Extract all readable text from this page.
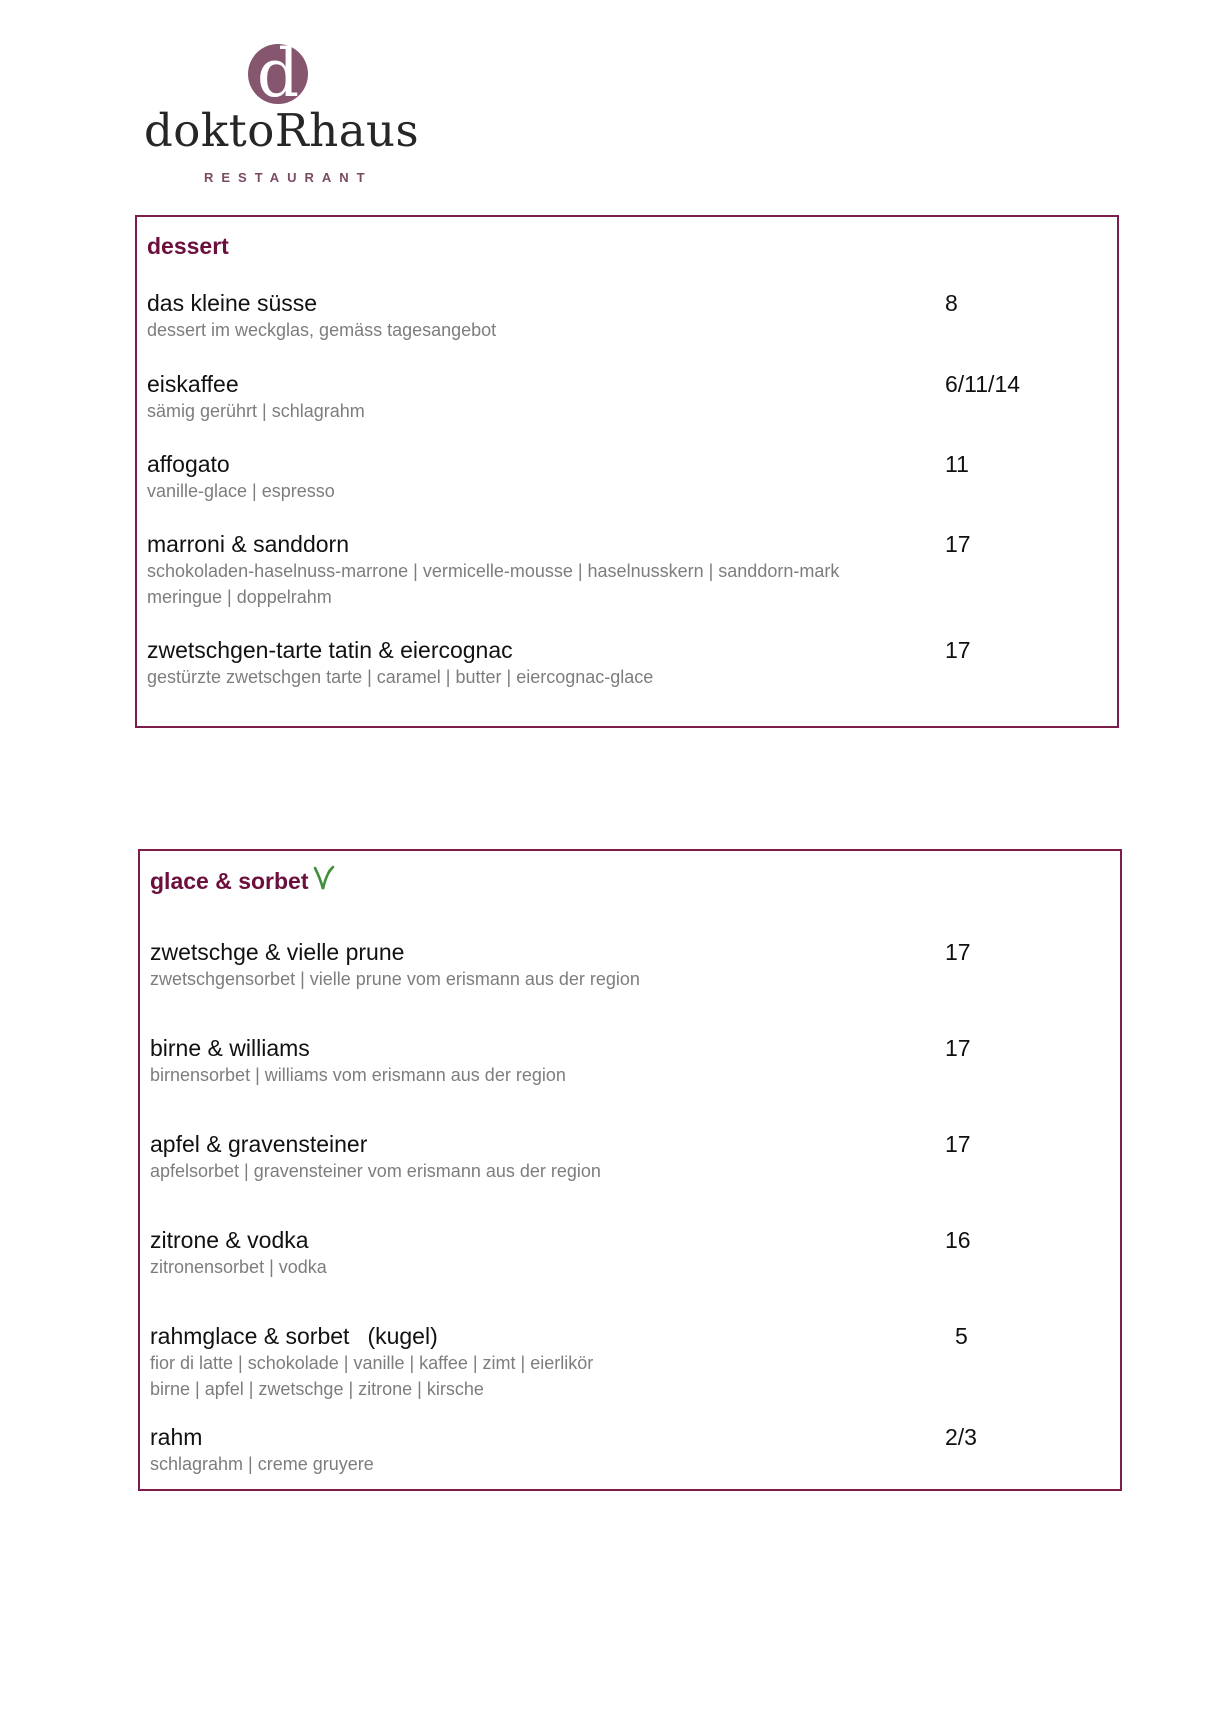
d
doktoRhaus
RESTAURANT
dessert
das kleine süsse
dessert im weckglas, gemäss tagesangebot
8
eiskaffee
sämig gerührt | schlagrahm
6/11/14
affogato
vanille-glace | espresso
11
marroni & sanddorn
schokoladen-haselnuss-marrone | vermicelle-mousse | haselnusskern | sanddorn-mark
meringue | doppelrahm
17
zwetschgen-tarte tatin & eiercognac
gestürzte zwetschgen tarte | caramel | butter | eiercognac-glace
17
glace & sorbet
zwetschge & vielle prune
zwetschgensorbet | vielle prune vom erismann aus der region
17
birne & williams
birnensorbet | williams vom erismann aus der region
17
apfel & gravensteiner
apfelsorbet | gravensteiner vom erismann aus der region
17
zitrone & vodka
zitronensorbet | vodka
16
rahmglace & sorbet (kugel)
fior di latte | schokolade | vanille | kaffee | zimt | eierlikör
birne | apfel | zwetschge | zitrone | kirsche
5
rahm
schlagrahm | creme gruyere
2/3
